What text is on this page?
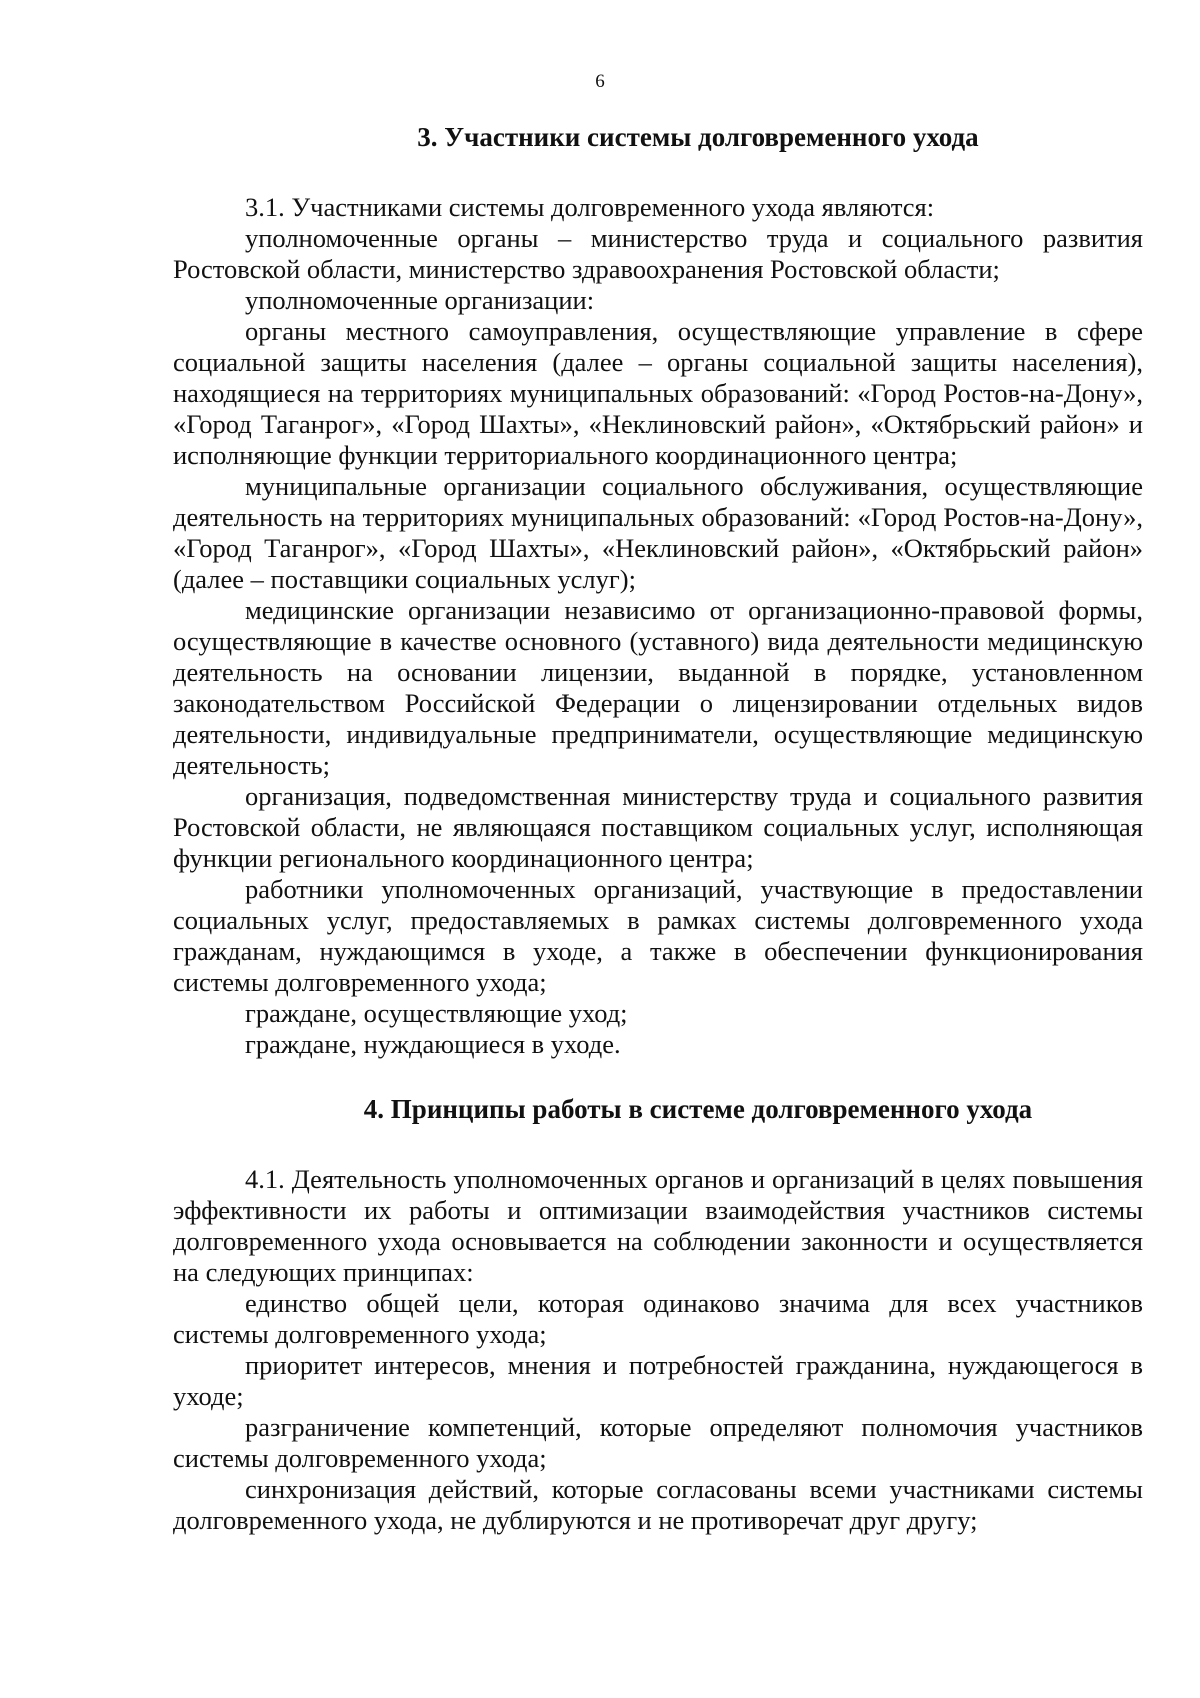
6
3. Участники системы долговременного ухода

3.1. Участниками системы долговременного ухода являются:

уполномоченные органы – министерство труда и социального развития Ростовской области, министерство здравоохранения Ростовской области;

уполномоченные организации:

органы местного самоуправления, осуществляющие управление в сфере социальной защиты населения (далее – органы социальной защиты населения), находящиеся на территориях муниципальных образований: «Город Ростов-на-Дону», «Город Таганрог», «Город Шахты», «Неклиновский район», «Октябрьский район» и исполняющие функции территориального координационного центра;

муниципальные организации социального обслуживания, осуществляющие деятельность на территориях муниципальных образований: «Город Ростов-на-Дону», «Город Таганрог», «Город Шахты», «Неклиновский район», «Октябрьский район» (далее – поставщики социальных услуг);

медицинские организации независимо от организационно-правовой формы, осуществляющие в качестве основного (уставного) вида деятельности медицинскую деятельность на основании лицензии, выданной в порядке, установленном законодательством Российской Федерации о лицензировании отдельных видов деятельности, индивидуальные предприниматели, осуществляющие медицинскую деятельность;

организация, подведомственная министерству труда и социального развития Ростовской области, не являющаяся поставщиком социальных услуг, исполняющая функции регионального координационного центра;

работники уполномоченных организаций, участвующие в предоставлении социальных услуг, предоставляемых в рамках системы долговременного ухода гражданам, нуждающимся в уходе, а также в обеспечении функционирования системы долговременного ухода;

граждане, осуществляющие уход;

граждане, нуждающиеся в уходе.

4. Принципы работы в системе долговременного ухода

4.1. Деятельность уполномоченных органов и организаций в целях повышения эффективности их работы и оптимизации взаимодействия участников системы долговременного ухода основывается на соблюдении законности и осуществляется на следующих принципах:

единство общей цели, которая одинаково значима для всех участников системы долговременного ухода;

приоритет интересов, мнения и потребностей гражданина, нуждающегося в уходе;

разграничение компетенций, которые определяют полномочия участников системы долговременного ухода;

синхронизация действий, которые согласованы всеми участниками системы долговременного ухода, не дублируются и не противоречат друг другу;
